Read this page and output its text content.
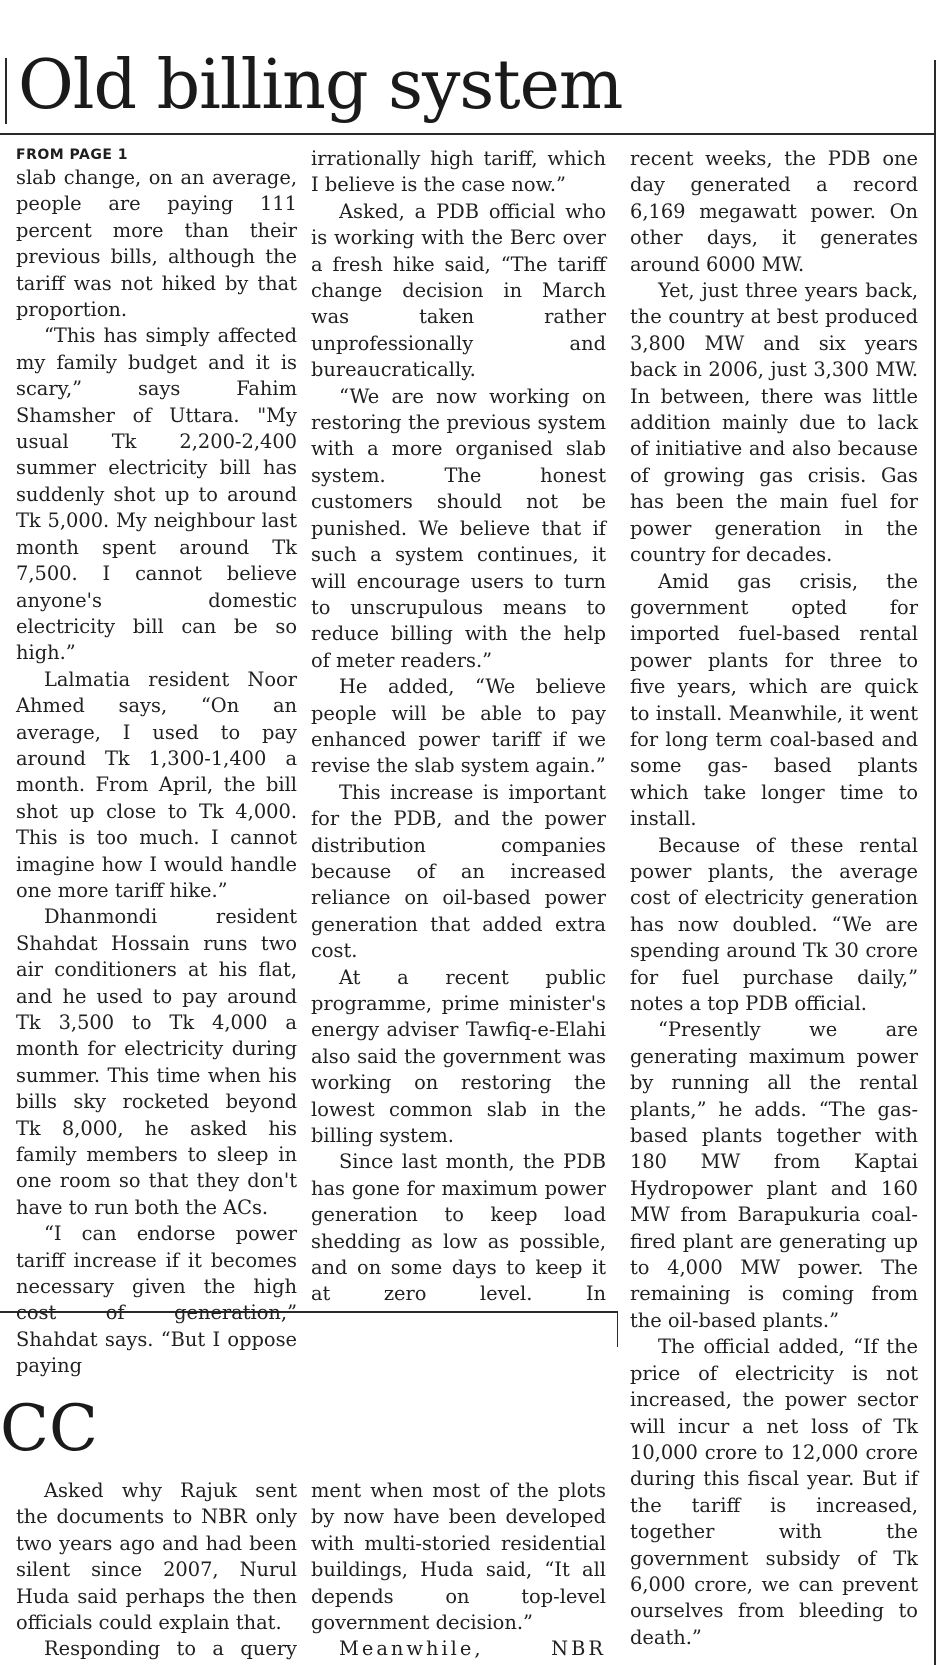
Old billing system
FROM PAGE 1

slab change, on an average, people are paying 111 percent more than their previous bills, although the tariff was not hiked by that proportion.

“This has simply affected my family budget and it is scary,” says Fahim Shamsher of Uttara. "My usual Tk 2,200-2,400 summer electricity bill has suddenly shot up to around Tk 5,000. My neighbour last month spent around Tk 7,500. I cannot believe anyone's domestic electricity bill can be so high.”

Lalmatia resident Noor Ahmed says, “On an average, I used to pay around Tk 1,300-1,400 a month. From April, the bill shot up close to Tk 4,000. This is too much. I cannot imagine how I would handle one more tariff hike.”

Dhanmondi resident Shahdat Hossain runs two air conditioners at his flat, and he used to pay around Tk 3,500 to Tk 4,000 a month for electricity during summer. This time when his bills sky rocketed beyond Tk 8,000, he asked his family members to sleep in one room so that they don't have to run both the ACs.

“I can endorse power tariff increase if it becomes necessary given the high cost of generation,” Shahdat says. “But I oppose paying

irrationally high tariff, which I believe is the case now.”

Asked, a PDB official who is working with the Berc over a fresh hike said, “The tariff change decision in March was taken rather unprofessionally and bureaucratically.

“We are now working on restoring the previous system with a more organised slab system. The honest customers should not be punished. We believe that if such a system continues, it will encourage users to turn to unscrupulous means to reduce billing with the help of meter readers.”

He added, “We believe people will be able to pay enhanced power tariff if we revise the slab system again.”

This increase is important for the PDB, and the power distribution companies because of an increased reliance on oil-based power generation that added extra cost.

At a recent public programme, prime minister's energy adviser Tawfiq-e-Elahi also said the government was working on restoring the lowest common slab in the billing system.

Since last month, the PDB has gone for maximum power generation to keep load shedding as low as possible, and on some days to keep it at zero level. In

recent weeks, the PDB one day generated a record 6,169 megawatt power. On other days, it generates around 6000 MW.

Yet, just three years back, the country at best produced 3,800 MW and six years back in 2006, just 3,300 MW. In between, there was little addition mainly due to lack of initiative and also because of growing gas crisis. Gas has been the main fuel for power generation in the country for decades.

Amid gas crisis, the government opted for imported fuel-based rental power plants for three to five years, which are quick to install. Meanwhile, it went for long term coal-based and some gas- based plants which take longer time to install.

Because of these rental power plants, the average cost of electricity generation has now doubled. “We are spending around Tk 30 crore for fuel purchase daily,” notes a top PDB official.

“Presently we are generating maximum power by running all the rental plants,” he adds. “The gas-based plants together with 180 MW from Kaptai Hydropower plant and 160 MW from Barapukuria coal-fired plant are generating up to 4,000 MW power. The remaining is coming from the oil-based plants.”

The official added, “If the price of electricity is not increased, the power sector will incur a net loss of Tk 10,000 crore to 12,000 crore during this fiscal year. But if the tariff is increased, together with the government subsidy of Tk 6,000 crore, we can prevent ourselves from bleeding to death.”

CC

Asked why Rajuk sent the documents to NBR only two years ago and had been silent since 2007, Nurul Huda said perhaps the then officials could explain that.

Responding to a query

ment when most of the plots by now have been developed with multi-storied residential buildings, Huda said, “It all depends on top-level government decision.”

Meanwhile, NBR
